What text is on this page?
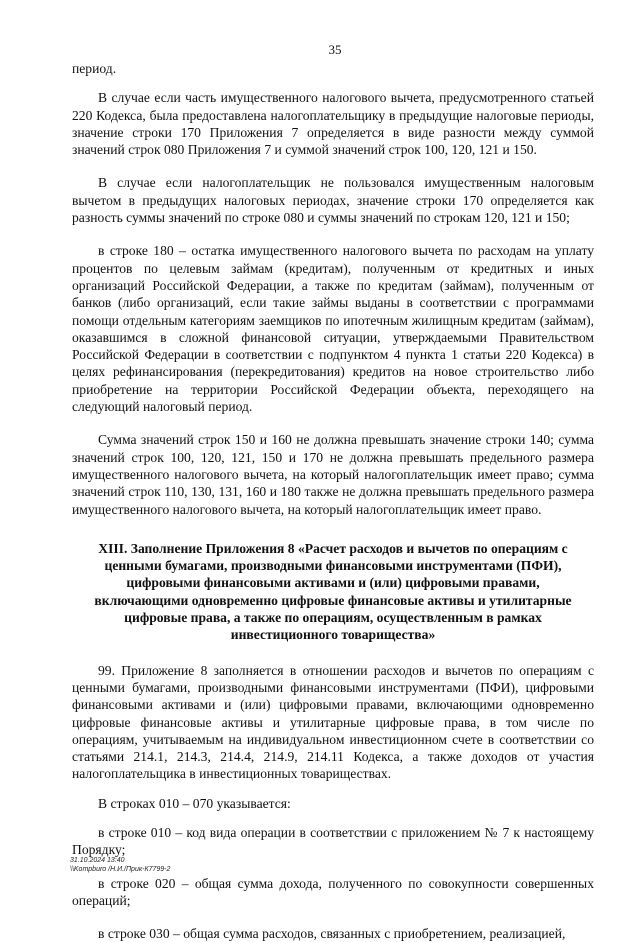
35

период.

В случае если часть имущественного налогового вычета, предусмотренного статьей 220 Кодекса, была предоставлена налогоплательщику в предыдущие налоговые периоды, значение строки 170 Приложения 7 определяется в виде разности между суммой значений строк 080 Приложения 7 и суммой значений строк 100, 120, 121 и 150.

В случае если налогоплательщик не пользовался имущественным налоговым вычетом в предыдущих налоговых периодах, значение строки 170 определяется как разность суммы значений по строке 080 и суммы значений по строкам 120, 121 и 150;

в строке 180 – остатка имущественного налогового вычета по расходам на уплату процентов по целевым займам (кредитам), полученным от кредитных и иных организаций Российской Федерации, а также по кредитам (займам), полученным от банков (либо организаций, если такие займы выданы в соответствии с программами помощи отдельным категориям заемщиков по ипотечным жилищным кредитам (займам), оказавшимся в сложной финансовой ситуации, утверждаемыми Правительством Российской Федерации в соответствии с подпунктом 4 пункта 1 статьи 220 Кодекса) в целях рефинансирования (перекредитования) кредитов на новое строительство либо приобретение на территории Российской Федерации объекта, переходящего на следующий налоговый период.

Сумма значений строк 150 и 160 не должна превышать значение строки 140; сумма значений строк 100, 120, 121, 150 и 170 не должна превышать предельного размера имущественного налогового вычета, на который налогоплательщик имеет право; сумма значений строк 110, 130, 131, 160 и 180 также не должна превышать предельного размера имущественного налогового вычета, на который налогоплательщик имеет право.

XIII. Заполнение Приложения 8 «Расчет расходов и вычетов по операциям с ценными бумагами, производными финансовыми инструментами (ПФИ), цифровыми финансовыми активами и (или) цифровыми правами, включающими одновременно цифровые финансовые активы и утилитарные цифровые права, а также по операциям, осуществленным в рамках инвестиционного товарищества»

99. Приложение 8 заполняется в отношении расходов и вычетов по операциям с ценными бумагами, производными финансовыми инструментами (ПФИ), цифровыми финансовыми активами и (или) цифровыми правами, включающими одновременно цифровые финансовые активы и утилитарные цифровые права, в том числе по операциям, учитываемым на индивидуальном инвестиционном счете в соответствии со статьями 214.1, 214.3, 214.4, 214.9, 214.11 Кодекса, а также доходов от участия налогоплательщика в инвестиционных товариществах.

В строках 010 – 070 указывается:

в строке 010 – код вида операции в соответствии с приложением № 7 к настоящему Порядку;

в строке 020 – общая сумма дохода, полученного по совокупности совершенных операций;

в строке 030 – общая сумма расходов, связанных с приобретением, реализацией,

31.10.2024 13:40
\\Kompburo /Н.И./Прик-К7799-2
